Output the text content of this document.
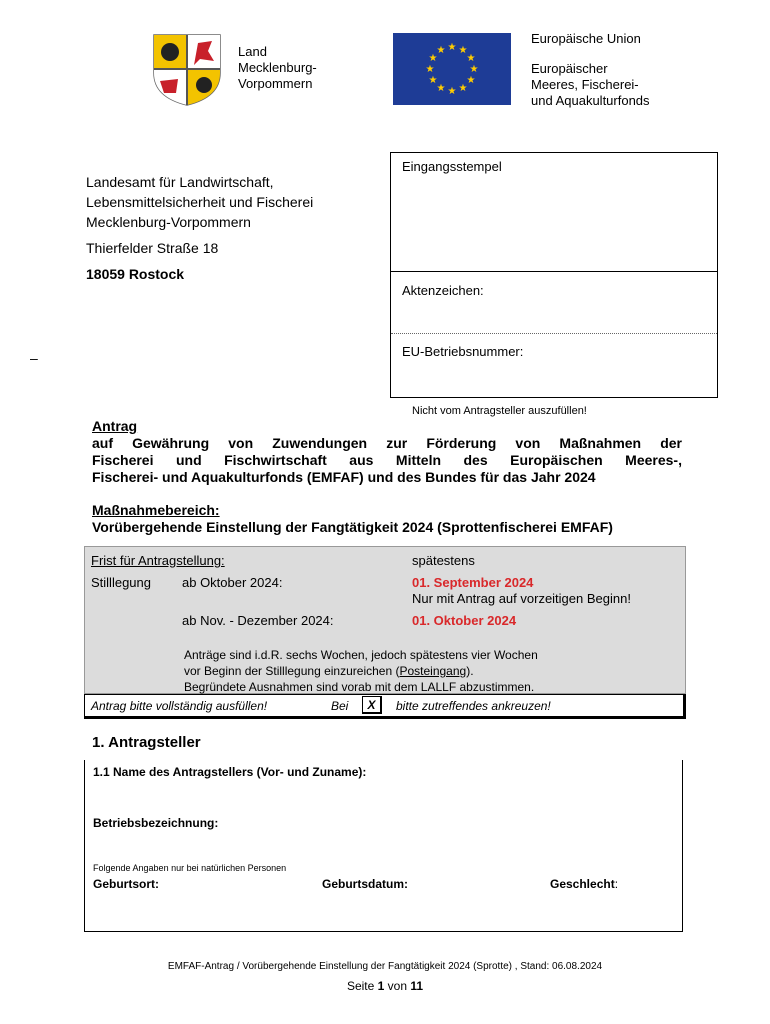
Land
Mecklenburg-
Vorpommern
★ ★
★
★
★
★
★
★
★
★
★
★
Europäische Union
Europäischer
Meeres, Fischerei-
und Aquakulturfonds
Landesamt für Landwirtschaft,
Lebensmittelsicherheit und Fischerei
Mecklenburg-Vorpommern
Thierfelder Straße 18
18059 Rostock
–
Eingangsstempel
Aktenzeichen:
EU-Betriebsnummer:
Nicht vom Antragsteller auszufüllen!
Antrag
auf Gewährung von Zuwendungen zur Förderung von Maßnahmen der
Fischerei und Fischwirtschaft aus Mitteln des Europäischen Meeres-,
Fischerei- und Aquakulturfonds (EMFAF) und des Bundes für das Jahr 2024
Maßnahmebereich:
Vorübergehende Einstellung der Fangtätigkeit 2024 (Sprottenfischerei EMFAF)
Frist für Antragstellung:	spätestens
Stilllegung ab Oktober 2024:	01. September 2024
Nur mit Antrag auf vorzeitigen Beginn!
ab Nov. - Dezember 2024:	01. Oktober 2024
Anträge sind i.d.R. sechs Wochen, jedoch spätestens vier Wochen
vor Beginn der Stilllegung einzureichen (Posteingang).
Begründete Ausnahmen sind vorab mit dem LALLF abzustimmen.
Antrag bitte vollständig ausfüllen!	Bei	X	bitte zutreffendes ankreuzen!
1. Antragsteller
1.1 Name des Antragstellers (Vor- und Zuname):
Betriebsbezeichnung:
Folgende Angaben nur bei natürlichen Personen
Geburtsort:	Geburtsdatum:	Geschlecht:
EMFAF-Antrag / Vorübergehende Einstellung der Fangtätigkeit 2024 (Sprotte) , Stand: 06.08.2024
Seite 1 von 11
